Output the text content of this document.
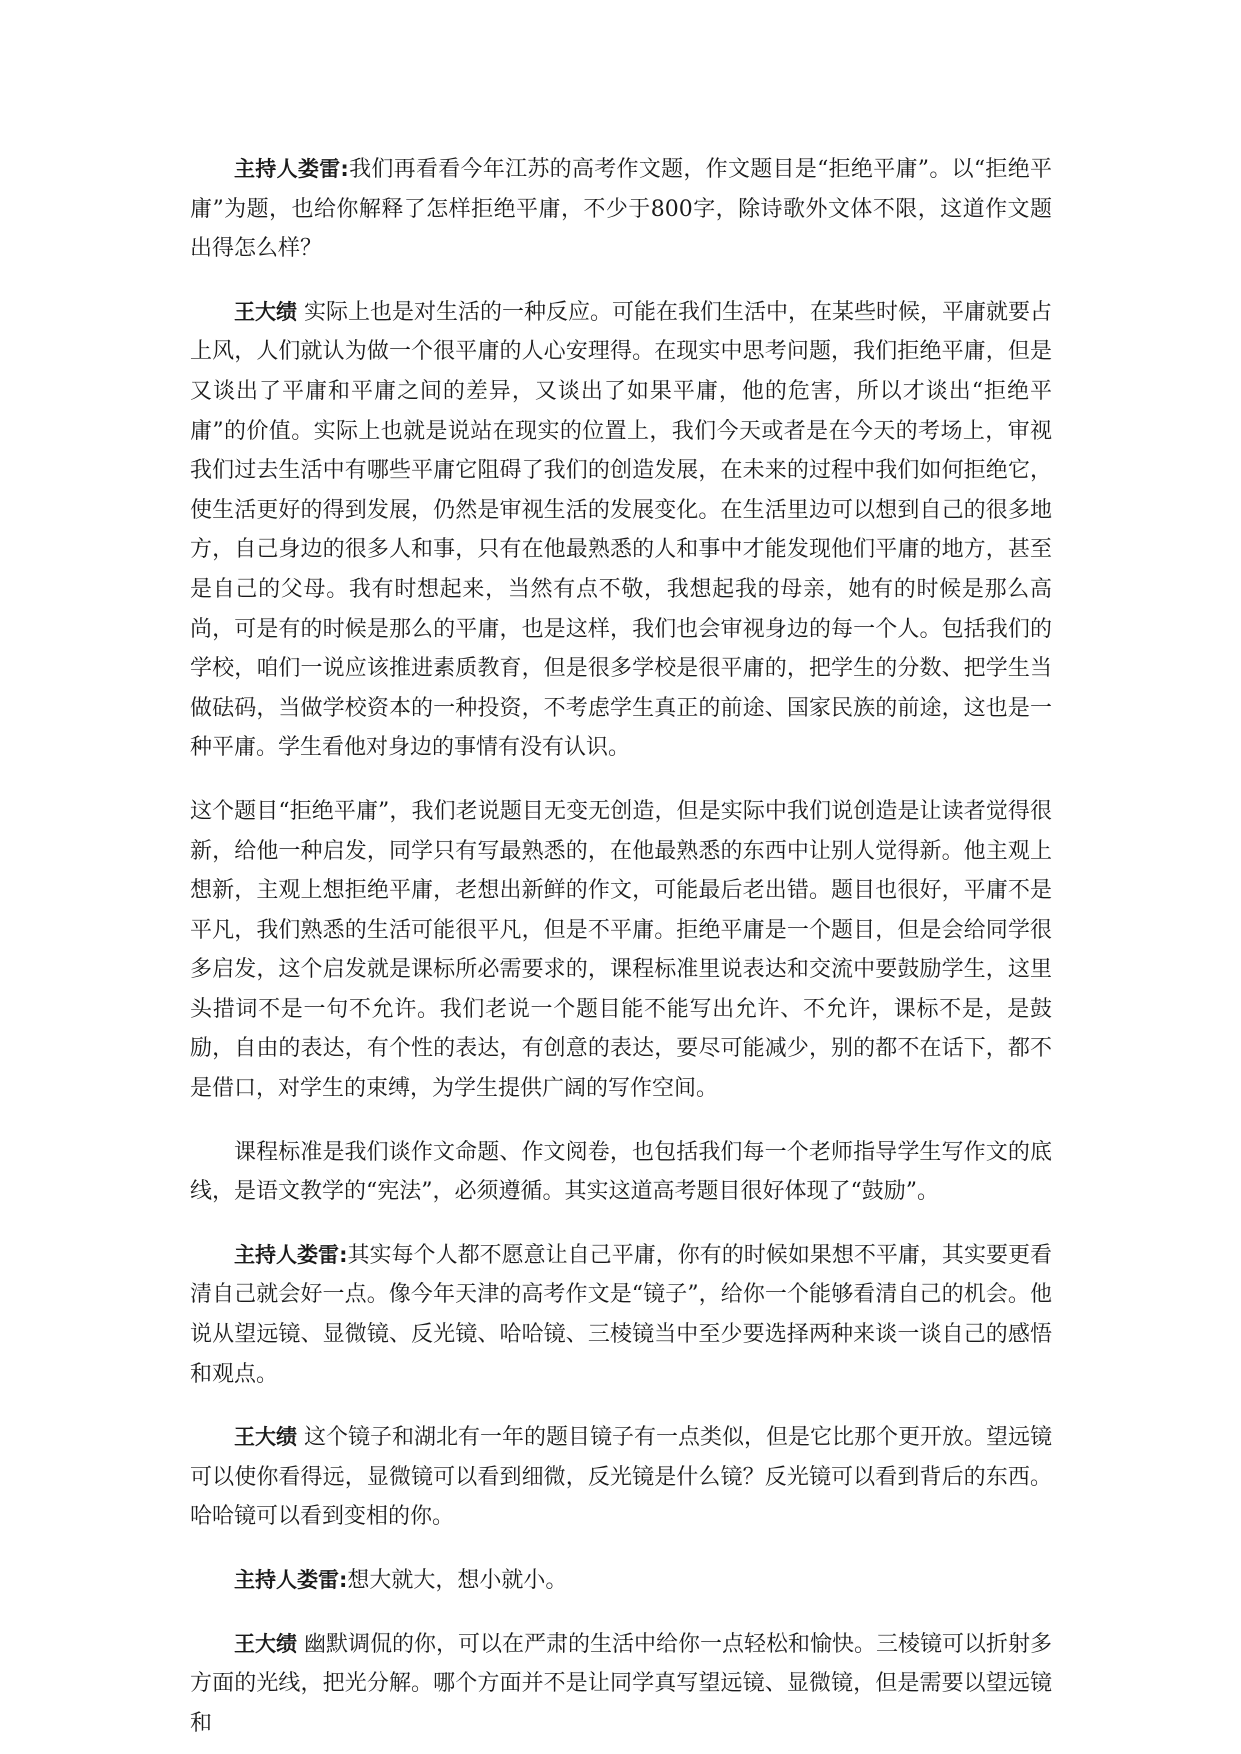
主持人娄雷:我们再看看今年江苏的高考作文题，作文题目是“拒绝平庸”。以“拒绝平庸”为题，也给你解释了怎样拒绝平庸，不少于800字，除诗歌外文体不限，这道作文题出得怎么样？

王大绩 实际上也是对生活的一种反应。可能在我们生活中，在某些时候，平庸就要占上风，人们就认为做一个很平庸的人心安理得。在现实中思考问题，我们拒绝平庸，但是又谈出了平庸和平庸之间的差异，又谈出了如果平庸，他的危害，所以才谈出“拒绝平庸”的价值。实际上也就是说站在现实的位置上，我们今天或者是在今天的考场上，审视我们过去生活中有哪些平庸它阻碍了我们的创造发展，在未来的过程中我们如何拒绝它，使生活更好的得到发展，仍然是审视生活的发展变化。在生活里边可以想到自己的很多地方，自己身边的很多人和事，只有在他最熟悉的人和事中才能发现他们平庸的地方，甚至是自己的父母。我有时想起来，当然有点不敬，我想起我的母亲，她有的时候是那么高尚，可是有的时候是那么的平庸，也是这样，我们也会审视身边的每一个人。包括我们的学校，咱们一说应该推进素质教育，但是很多学校是很平庸的，把学生的分数、把学生当做砝码，当做学校资本的一种投资，不考虑学生真正的前途、国家民族的前途，这也是一种平庸。学生看他对身边的事情有没有认识。

这个题目“拒绝平庸”，我们老说题目无变无创造，但是实际中我们说创造是让读者觉得很新，给他一种启发，同学只有写最熟悉的，在他最熟悉的东西中让别人觉得新。他主观上想新，主观上想拒绝平庸，老想出新鲜的作文，可能最后老出错。题目也很好，平庸不是平凡，我们熟悉的生活可能很平凡，但是不平庸。拒绝平庸是一个题目，但是会给同学很多启发，这个启发就是课标所必需要求的，课程标准里说表达和交流中要鼓励学生，这里头措词不是一句不允许。我们老说一个题目能不能写出允许、不允许，课标不是，是鼓励，自由的表达，有个性的表达，有创意的表达，要尽可能减少，别的都不在话下，都不是借口，对学生的束缚，为学生提供广阔的写作空间。

课程标准是我们谈作文命题、作文阅卷，也包括我们每一个老师指导学生写作文的底线，是语文教学的“宪法”，必须遵循。其实这道高考题目很好体现了“鼓励”。

主持人娄雷:其实每个人都不愿意让自己平庸，你有的时候如果想不平庸，其实要更看清自己就会好一点。像今年天津的高考作文是“镜子”，给你一个能够看清自己的机会。他说从望远镜、显微镜、反光镜、哈哈镜、三棱镜当中至少要选择两种来谈一谈自己的感悟和观点。

王大绩 这个镜子和湖北有一年的题目镜子有一点类似，但是它比那个更开放。望远镜可以使你看得远，显微镜可以看到细微，反光镜是什么镜？反光镜可以看到背后的东西。哈哈镜可以看到变相的你。

主持人娄雷:想大就大，想小就小。

王大绩 幽默调侃的你，可以在严肃的生活中给你一点轻松和愉快。三棱镜可以折射多方面的光线，把光分解。哪个方面并不是让同学真写望远镜、显微镜，但是需要以望远镜和
